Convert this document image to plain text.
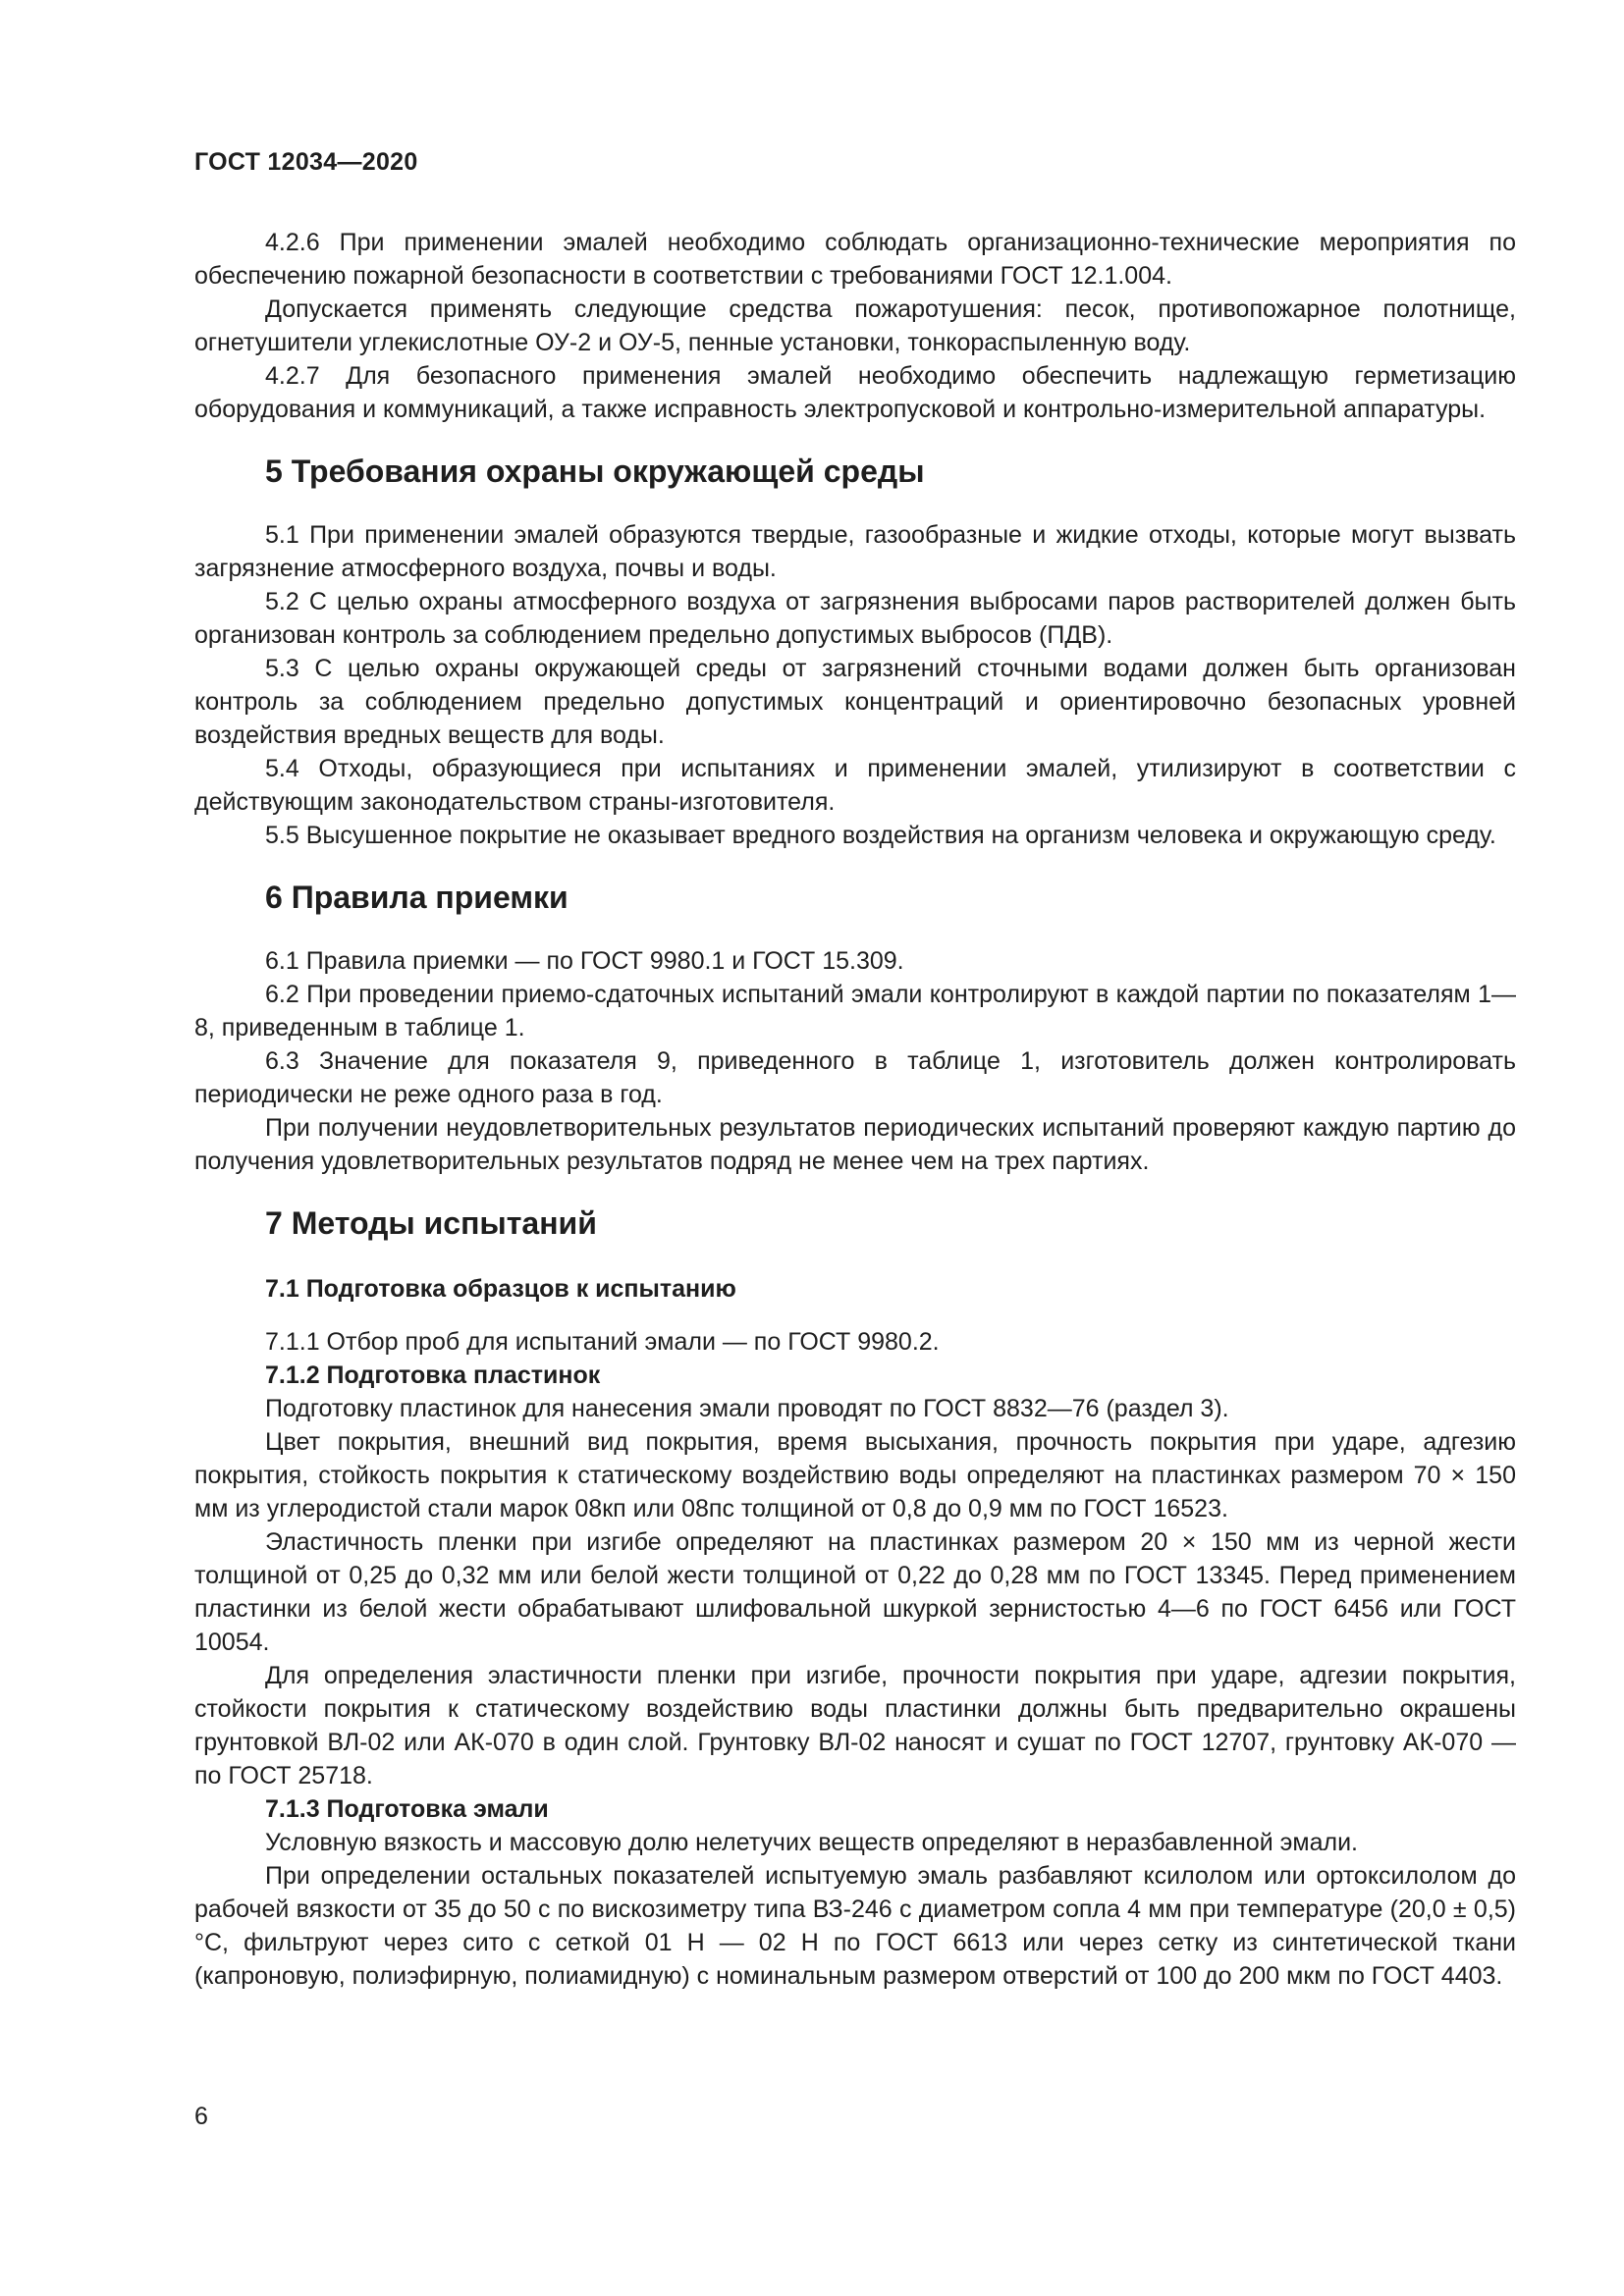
ГОСТ 12034—2020

4.2.6 При применении эмалей необходимо соблюдать организационно-технические мероприятия по обеспечению пожарной безопасности в соответствии с требованиями ГОСТ 12.1.004.

Допускается применять следующие средства пожаротушения: песок, противопожарное полотнище, огнетушители углекислотные ОУ-2 и ОУ-5, пенные установки, тонкораспыленную воду.

4.2.7 Для безопасного применения эмалей необходимо обеспечить надлежащую герметизацию оборудования и коммуникаций, а также исправность электропусковой и контрольно-измерительной аппаратуры.

5 Требования охраны окружающей среды

5.1 При применении эмалей образуются твердые, газообразные и жидкие отходы, которые могут вызвать загрязнение атмосферного воздуха, почвы и воды.

5.2 С целью охраны атмосферного воздуха от загрязнения выбросами паров растворителей должен быть организован контроль за соблюдением предельно допустимых выбросов (ПДВ).

5.3 С целью охраны окружающей среды от загрязнений сточными водами должен быть организован контроль за соблюдением предельно допустимых концентраций и ориентировочно безопасных уровней воздействия вредных веществ для воды.

5.4 Отходы, образующиеся при испытаниях и применении эмалей, утилизируют в соответствии с действующим законодательством страны-изготовителя.

5.5 Высушенное покрытие не оказывает вредного воздействия на организм человека и окружающую среду.

6 Правила приемки

6.1 Правила приемки — по ГОСТ 9980.1 и ГОСТ 15.309.

6.2 При проведении приемо-сдаточных испытаний эмали контролируют в каждой партии по показателям 1—8, приведенным в таблице 1.

6.3 Значение для показателя 9, приведенного в таблице 1, изготовитель должен контролировать периодически не реже одного раза в год.

При получении неудовлетворительных результатов периодических испытаний проверяют каждую партию до получения удовлетворительных результатов подряд не менее чем на трех партиях.

7 Методы испытаний
7.1 Подготовка образцов к испытанию

7.1.1 Отбор проб для испытаний эмали — по ГОСТ 9980.2.

7.1.2 Подготовка пластинок

Подготовку пластинок для нанесения эмали проводят по ГОСТ 8832—76 (раздел 3).

Цвет покрытия, внешний вид покрытия, время высыхания, прочность покрытия при ударе, адгезию покрытия, стойкость покрытия к статическому воздействию воды определяют на пластинках размером 70 × 150 мм из углеродистой стали марок 08кп или 08пс толщиной от 0,8 до 0,9 мм по ГОСТ 16523.

Эластичность пленки при изгибе определяют на пластинках размером 20 × 150 мм из черной жести толщиной от 0,25 до 0,32 мм или белой жести толщиной от 0,22 до 0,28 мм по ГОСТ 13345. Перед применением пластинки из белой жести обрабатывают шлифовальной шкуркой зернистостью 4—6 по ГОСТ 6456 или ГОСТ 10054.

Для определения эластичности пленки при изгибе, прочности покрытия при ударе, адгезии покрытия, стойкости покрытия к статическому воздействию воды пластинки должны быть предварительно окрашены грунтовкой ВЛ-02 или АК-070 в один слой. Грунтовку ВЛ-02 наносят и сушат по ГОСТ 12707, грунтовку АК-070 — по ГОСТ 25718.

7.1.3 Подготовка эмали

Условную вязкость и массовую долю нелетучих веществ определяют в неразбавленной эмали.

При определении остальных показателей испытуемую эмаль разбавляют ксилолом или ортоксилолом до рабочей вязкости от 35 до 50 с по вискозиметру типа ВЗ-246 с диаметром сопла 4 мм при температуре (20,0 ± 0,5) °С, фильтруют через сито с сеткой 01 Н — 02 Н по ГОСТ 6613 или через сетку из синтетической ткани (капроновую, полиэфирную, полиамидную) с номинальным размером отверстий от 100 до 200 мкм по ГОСТ 4403.

6
